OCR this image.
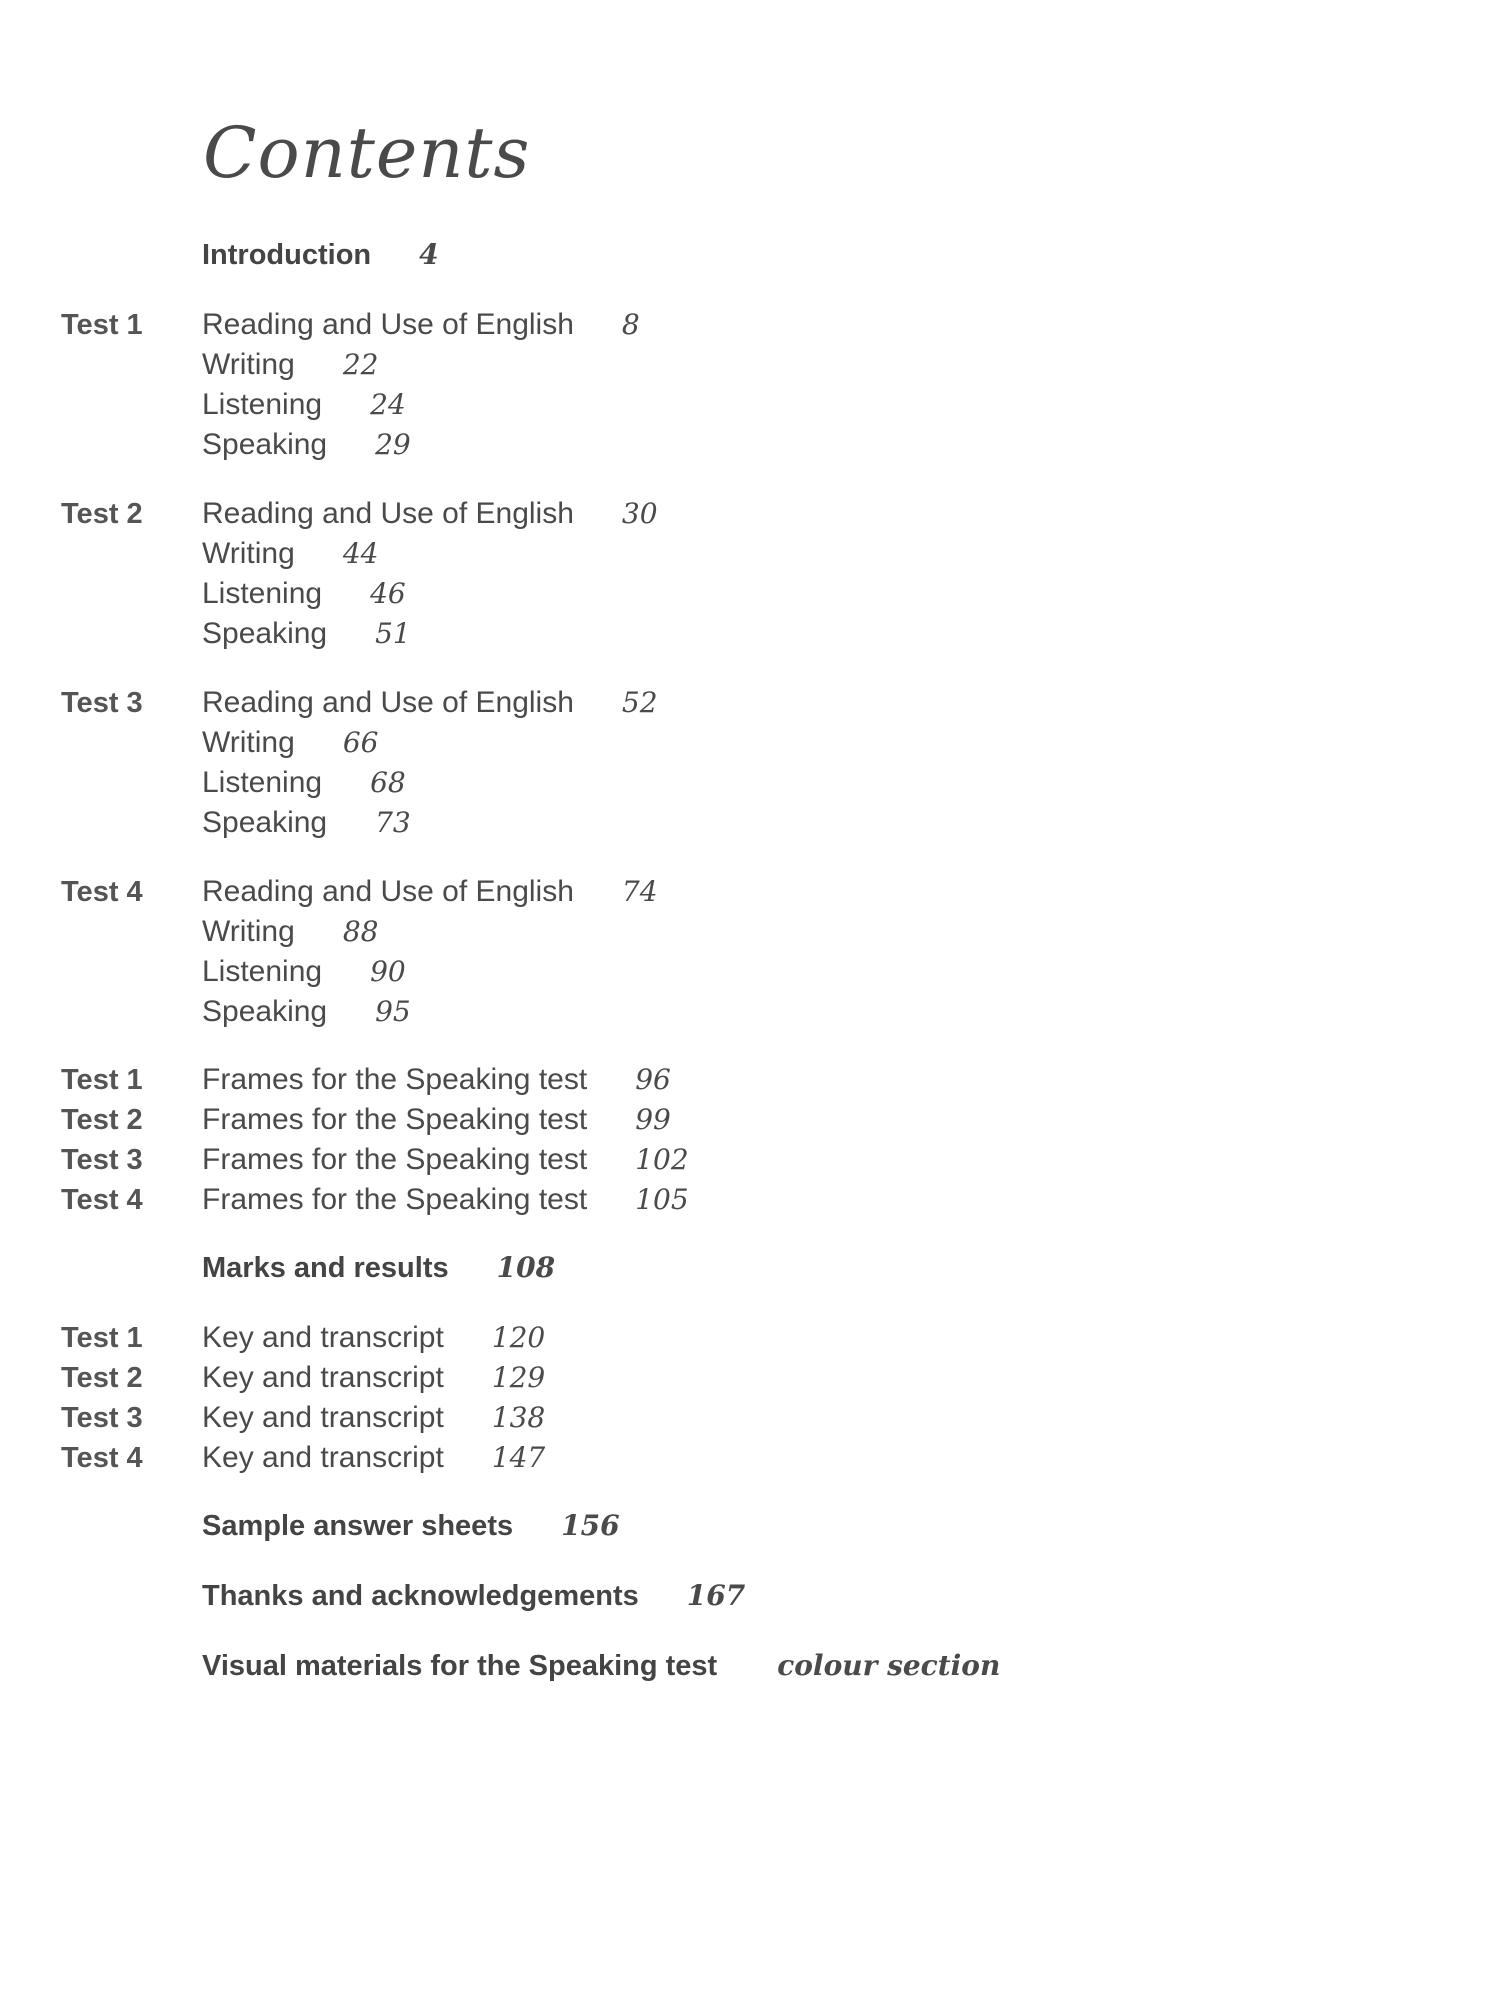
Contents
Introduction 4
Test 1 Reading and Use of English 8
Writing 22
Listening 24
Speaking 29
Test 2 Reading and Use of English 30
Writing 44
Listening 46
Speaking 51
Test 3 Reading and Use of English 52
Writing 66
Listening 68
Speaking 73
Test 4 Reading and Use of English 74
Writing 88
Listening 90
Speaking 95
Test 1 Frames for the Speaking test 96
Test 2 Frames for the Speaking test 99
Test 3 Frames for the Speaking test 102
Test 4 Frames for the Speaking test 105
Marks and results 108
Test 1 Key and transcript 120
Test 2 Key and transcript 129
Test 3 Key and transcript 138
Test 4 Key and transcript 147
Sample answer sheets 156
Thanks and acknowledgements 167
Visual materials for the Speaking test colour section
